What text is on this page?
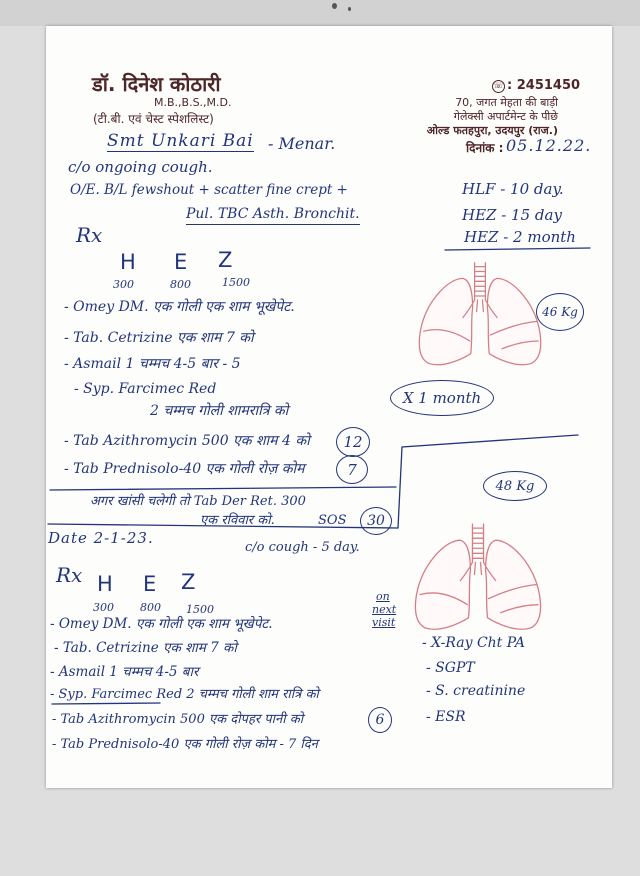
डॉ. दिनेश कोठारी
M.B.,B.S.,M.D.
(टी.बी. एवं चेस्ट स्पेशलिस्ट)
☏ : 2451450
70, जगत मेहता की बाड़ी
गेलेक्सी अपार्टमेन्ट के पीछे
ओल्ड फतहपुरा, उदयपुर (राज.)
दिनांक : 05.12.22.
Smt Unkari Bai - Menar.
c/o ongoing cough.
O/E. B/L fewshout + scatter fine crept +
Pul. TBC Asth. Bronchit.
HLF - 10 day.
HEZ - 15 day
HEZ - 2 month
Rx
H E Z
300	800	1500
- Omey DM. एक गोली एक शाम भूखेपेट.
- Tab. Cetrizine एक शाम 7 को
- Asmail 1 चम्मच 4-5 बार - 5
- Syp. Farcimec Red
2 चम्मच गोली शामरात्रि को
X 1 month
46 Kg
- Tab Azithromycin 500 एक शाम 4 को	12
- Tab Prednisolo-40 एक गोली रोज़ कोम	7
अगर खांसी चलेगी तो Tab Der Ret. 300
एक रविवार को.	SOS	30
48 Kg
Date 2-1-23.
c/o cough - 5 day.
Rx H E Z
300 800 1500
on
next
visit
- Omey DM. एक गोली एक शाम भूखेपेट.
- Tab. Cetrizine एक शाम 7 को
- Asmail 1 चम्मच 4-5 बार
- Syp. Farcimec Red 2 चम्मच गोली शाम रात्रि को
- Tab Azithromycin 500 एक दोपहर पानी को	6
- Tab Prednisolo-40 एक गोली रोज़ कोम - 7 दिन
- X-Ray Cht PA
- SGPT
- S. creatinine
- ESR
